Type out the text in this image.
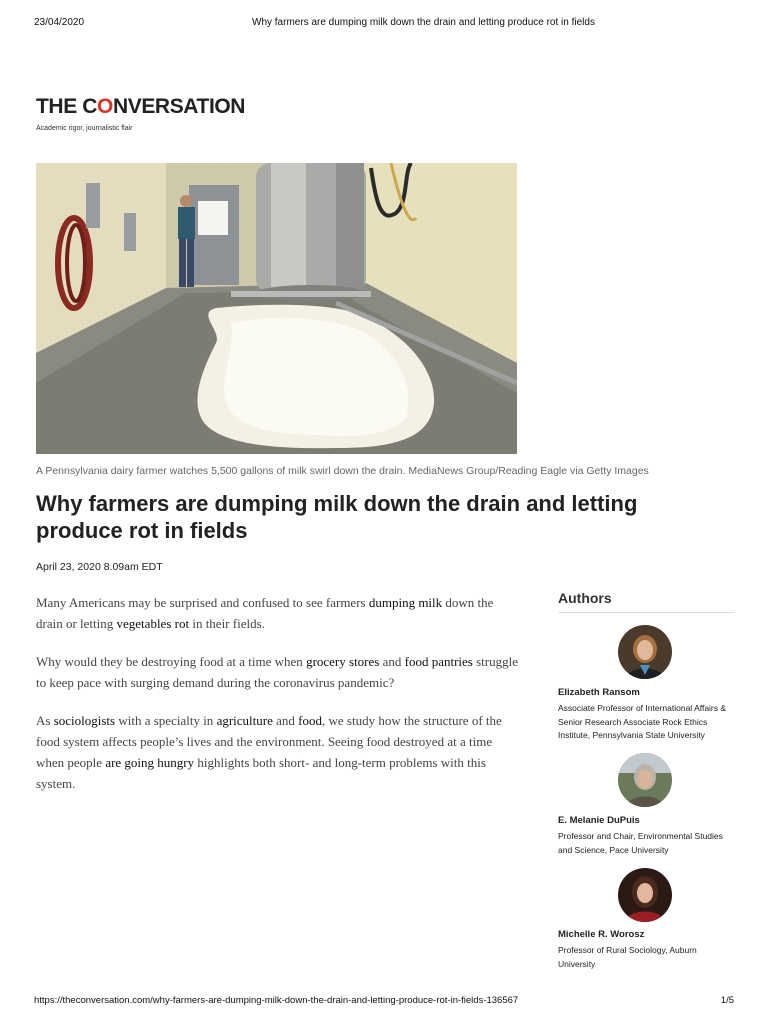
23/04/2020	Why farmers are dumping milk down the drain and letting produce rot in fields
THE CONVERSATION
Academic rigor, journalistic flair
A Pennsylvania dairy farmer watches 5,500 gallons of milk swirl down the drain. MediaNews Group/Reading Eagle via Getty Images
Why farmers are dumping milk down the drain and letting produce rot in fields
April 23, 2020 8.09am EDT

Many Americans may be surprised and confused to see farmers dumping milk down the drain or letting vegetables rot in their fields.

Why would they be destroying food at a time when grocery stores and food pantries struggle to keep pace with surging demand during the coronavirus pandemic?

As sociologists with a specialty in agriculture and food, we study how the structure of the food system affects people’s lives and the environment. Seeing food destroyed at a time when people are going hungry highlights both short- and long-term problems with this system.

Authors
Elizabeth Ransom
Associate Professor of International Affairs & Senior Research Associate Rock Ethics Institute, Pennsylvania State University
E. Melanie DuPuis
Professor and Chair, Environmental Studies and Science, Pace University
Michelle R. Worosz
Professor of Rural Sociology, Auburn University
https://theconversation.com/why-farmers-are-dumping-milk-down-the-drain-and-letting-produce-rot-in-fields-136567	1/5
